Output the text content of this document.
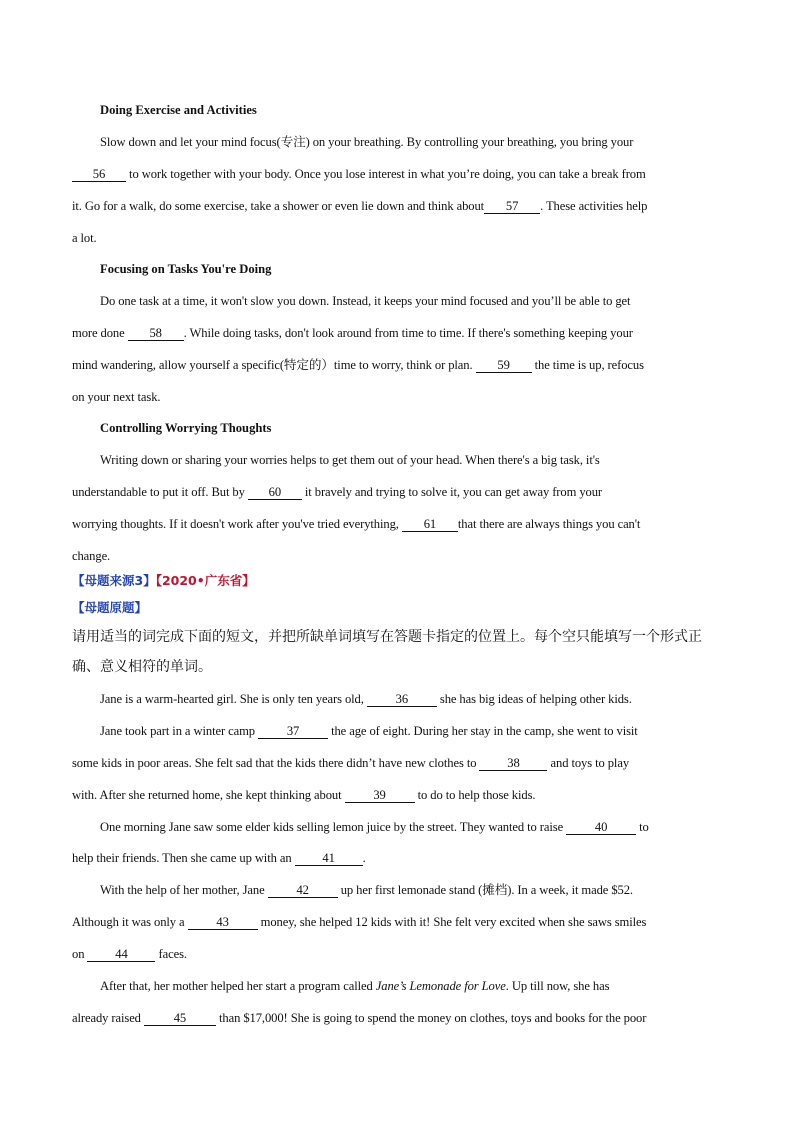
Doing Exercise and Activities
Slow down and let your mind focus(专注) on your breathing. By controlling your breathing, you bring your
56 to work together with your body. Once you lose interest in what you’re doing, you can take a break from
it. Go for a walk, do some exercise, take a shower or even lie down and think about 57 . These activities help
a lot.
Focusing on Tasks You're Doing
Do one task at a time, it won't slow you down. Instead, it keeps your mind focused and you’ll be able to get
more done 58 . While doing tasks, don't look around from time to time. If there's something keeping your
mind wandering, allow yourself a specific(特定的）time to worry, think or plan. 59 the time is up, refocus
on your next task.
Controlling Worrying Thoughts
Writing down or sharing your worries helps to get them out of your head. When there's a big task, it's
understandable to put it off. But by 60 it bravely and trying to solve it, you can get away from your
worrying thoughts. If it doesn't work after you've tried everything, 61 that there are always things you can't
change.
【母题来源3】【2020•广东省】
【母题原题】
请用适当的词完成下面的短文，并把所缺单词填写在答题卡指定的位置上。每个空只能填写一个形式正
确、意义相符的单词。
Jane is a warm-hearted girl. She is only ten years old, 36 she has big ideas of helping other kids.
Jane took part in a winter camp 37 the age of eight. During her stay in the camp, she went to visit
some kids in poor areas. She felt sad that the kids there didn’t have new clothes to 38 and toys to play
with. After she returned home, she kept thinking about 39 to do to help those kids.
One morning Jane saw some elder kids selling lemon juice by the street. They wanted to raise 40 to
help their friends. Then she came up with an 41 .
With the help of her mother, Jane 42 up her first lemonade stand (摊档). In a week, it made $52.
Although it was only a 43 money, she helped 12 kids with it! She felt very excited when she saws smiles
on 44 faces.
After that, her mother helped her start a program called Jane’s Lemonade for Love. Up till now, she has
already raised 45 than $17,000! She is going to spend the money on clothes, toys and books for the poor
